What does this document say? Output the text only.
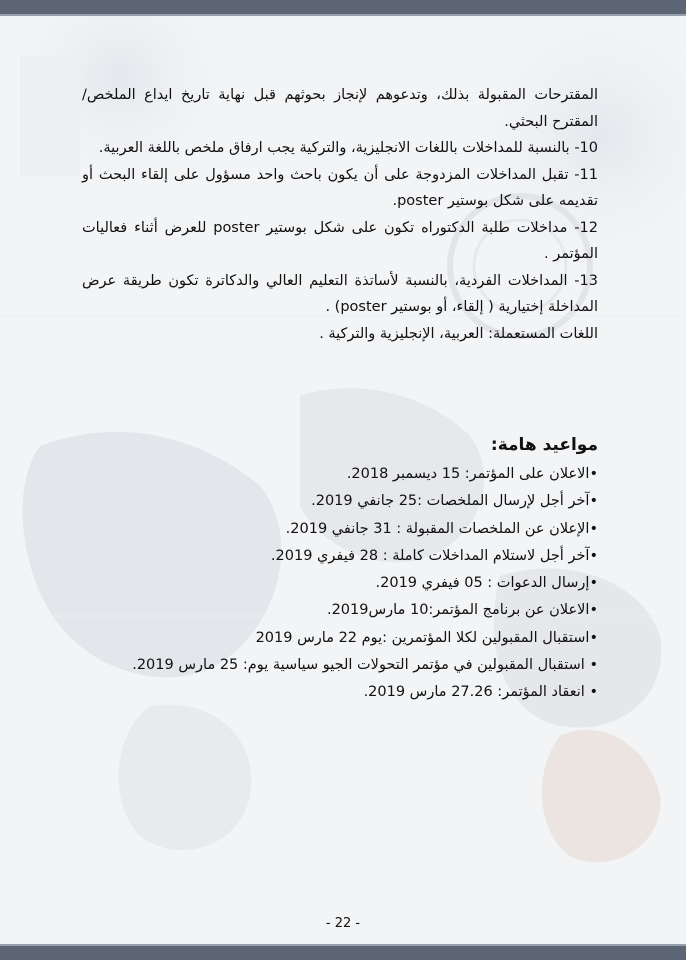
المقترحات المقبولة بذلك، وتدعوهم لإنجاز بحوثهم قبل نهاية تاريخ ايداع الملخص/ المقترح البحثي.

10- بالنسبة للمداخلات باللغات الانجليزية، والتركية يجب ارفاق ملخص باللغة العربية.

11- تقبل المداخلات المزدوجة على أن يكون باحث واحد مسؤول على إلقاء البحث أو تقديمه على شكل بوستير poster.

12- مداخلات طلبة الدكتوراه تكون على شكل بوستير poster للعرض أثناء فعاليات المؤتمر .

13- المداخلات الفردية، بالنسبة لأساتذة التعليم العالي والدكاترة تكون طريقة عرض المداخلة إختيارية ( إلقاء، أو بوستير poster) .

اللغات المستعملة: العربية، الإنجليزية والتركية .

مواعيد هامة:
• الاعلان على المؤتمر: 15 ديسمبر 2018.
• آخر أجل لإرسال الملخصات :25 جانفي 2019.
• الإعلان عن الملخصات المقبولة : 31 جانفي 2019.
• آخر أجل لاستلام المداخلات كاملة : 28 فيفري 2019.
• إرسال الدعوات : 05 فيفري 2019.
• الاعلان عن برنامج المؤتمر:10 مارس2019.
• استقبال المقبولين لكلا المؤتمرين :يوم 22 مارس 2019
• استقبال المقبولين في مؤتمر التحولات الجيو سياسية يوم: 25 مارس 2019.
• انعقاد المؤتمر: 27.26 مارس 2019.
- 22 -
